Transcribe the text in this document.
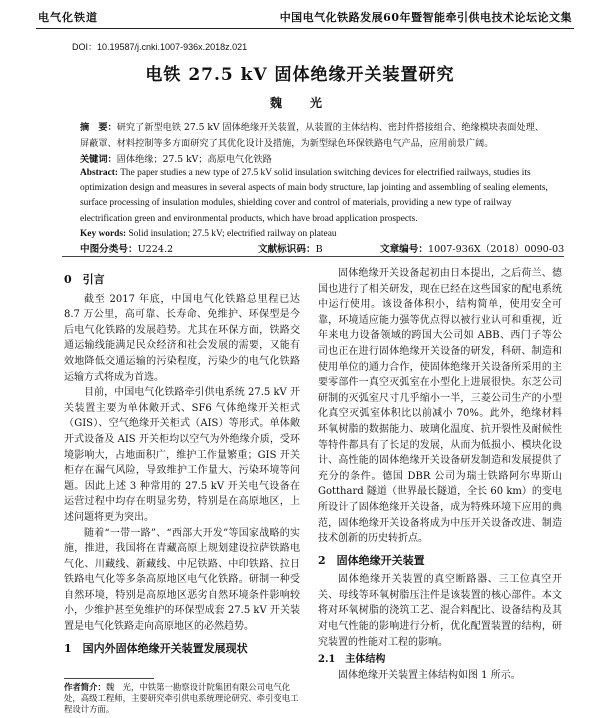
电气化铁道	中国电气化铁路发展60年暨智能牵引供电技术论坛论文集
DOI：10.19587/j.cnki.1007-936x.2018z.021
电铁 27.5 kV 固体绝缘开关装置研究
魏　光
摘　要：研究了新型电铁 27.5 kV 固体绝缘开关装置，从装置的主体结构、密封件搭接组合、绝缘模块表面处理、屏蔽罩、材料控制等多方面研究了其优化设计及措施，为新型绿色环保铁路电气产品，应用前景广阔。
关键词：固体绝缘；27.5 kV；高原电气化铁路
Abstract: The paper studies a new type of 27.5 kV solid insulation switching devices for electrified railways, studies its optimization design and measures in several aspects of main body structure, lap jointing and assembling of sealing elements, surface processing of insulation modules, shielding cover and control of materials, providing a new type of railway electrification green and environmental products, which have broad application prospects.
Key words: Solid insulation; 27.5 kV; electrified railway on plateau
中图分类号：U224.2	文献标识码：B	文章编号：1007-936X（2018）0090-03
0　引言

截至 2017 年底，中国电气化铁路总里程已达 8.7 万公里，高可靠、长寿命、免维护、环保型是今后电气化铁路的发展趋势。尤其在环保方面，铁路交通运输线能满足民众经济和社会发展的需要，又能有效地降低交通运输的污染程度，污染少的电气化铁路运输方式将成为首选。

目前，中国电气化铁路牵引供电系统 27.5 kV 开关装置主要为单体敞开式、SF6 气体绝缘开关柜式（GIS）、空气绝缘开关柜式（AIS）等形式。单体敞开式设备及 AIS 开关柜均以空气为外绝缘介质，受环境影响大，占地面积广，维护工作量繁重；GIS 开关柜存在漏气风险，导致维护工作量大、污染环境等问题。因此上述 3 种常用的 27.5 kV 开关电气设备在运营过程中均存在明显劣势，特别是在高原地区，上述问题将更为突出。

随着“一带一路”、“西部大开发”等国家战略的实施，推进，我国将在青藏高原上规划建设拉萨铁路电气化、川藏线、新藏线、中尼铁路、中印铁路、拉日铁路电气化等多条高原地区电气化铁路。研制一种受自然环境，特别是高原地区恶劣自然环境条件影响较小，少维护甚至免维护的环保型成套 27.5 kV 开关装置是电气化铁路走向高原地区的必然趋势。

1　国内外固体绝缘开关装置发展现状

固体绝缘开关设备起初由日本提出，之后荷兰、德国也进行了相关研发，现在已经在这些国家的配电系统中运行使用。该设备体积小，结构简单，使用安全可靠，环境适应能力强等优点得以被行业认可和重视，近年来电力设备领域的跨国大公司如 ABB、西门子等公司也正在进行固体绝缘开关设备的研发，科研、制造和使用单位的通力合作，使固体绝缘开关设备所采用的主要零部件一真空灭弧室在小型化上进展很快。东芝公司研制的灭弧室尺寸几乎缩小一半，三菱公司生产的小型化真空灭弧室体积比以前减小 70%。此外，绝缘材料环氧树脂的数据能力、玻璃化温度、抗开裂性及耐候性等特件都具有了长足的发展，从而为低损小、模块化设计、高性能的固体绝缘开关设备研发制造和发展提供了充分的条件。德国 DBR 公司为瑞士铁路阿尔卑斯山 Gotthard 隧道（世界最长隧道，全长 60 km）的变电所设计了固体绝缘开关设备，成为特殊环境下应用的典范，固体绝缘开关设备将成为中压开关设备改进、制造技术创新的历史转折点。

2　固体绝缘开关装置

固体绝缘开关装置的真空断路器、三工位真空开关、母线等环氧树脂压注件是该装置的核心部件。本文将对环氧树脂的浇筑工艺、混合料配比、设备结构及其对电气性能的影响进行分析，优化配置装置的结构，研究装置的性能对工程的影响。

2.1　主体结构

固体绝缘开关装置主体结构如图 1 所示。

作者简介：魏　光，中铁第一勘察设计院集团有限公司电气化处，高级工程师，主要研究牵引供电系统理论研究、牵引变电工程设计方面。
